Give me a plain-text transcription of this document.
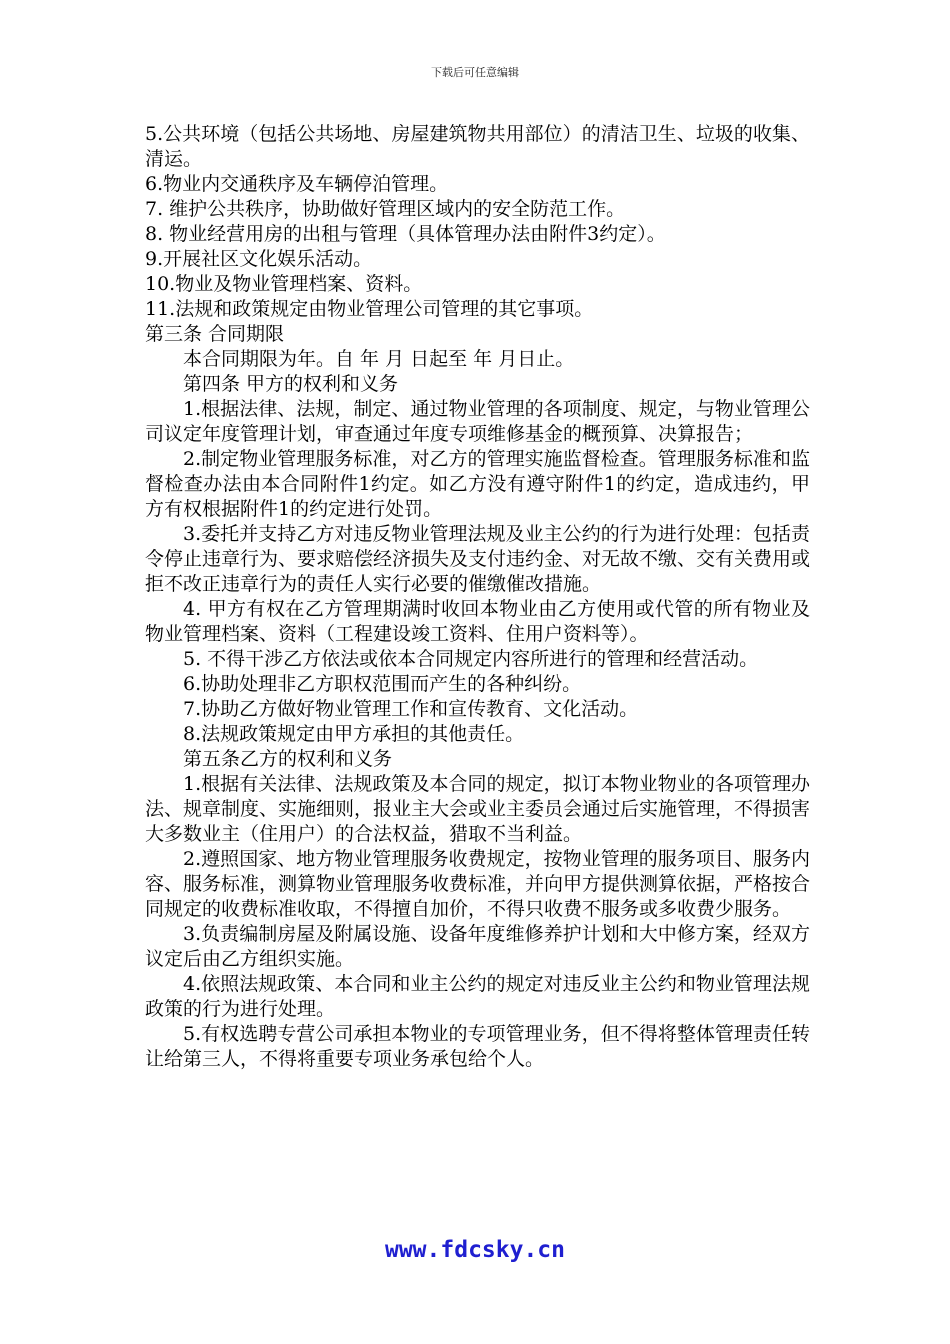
下载后可任意编辑

5.公共环境（包括公共场地、房屋建筑物共用部位）的清洁卫生、垃圾的收集、清运。

6.物业内交通秩序及车辆停泊管理。

7. 维护公共秩序，协助做好管理区域内的安全防范工作。

8. 物业经营用房的出租与管理（具体管理办法由附件3约定）。

9.开展社区文化娱乐活动。

10.物业及物业管理档案、资料。

11.法规和政策规定由物业管理公司管理的其它事项。

第三条 合同期限

本合同期限为年。自 年 月 日起至 年 月日止。

第四条 甲方的权利和义务

1.根据法律、法规，制定、通过物业管理的各项制度、规定，与物业管理公司议定年度管理计划，审查通过年度专项维修基金的概预算、决算报告；

2.制定物业管理服务标准，对乙方的管理实施监督检查。管理服务标准和监督检查办法由本合同附件1约定。如乙方没有遵守附件1的约定，造成违约，甲方有权根据附件1的约定进行处罚。

3.委托并支持乙方对违反物业管理法规及业主公约的行为进行处理：包括责令停止违章行为、要求赔偿经济损失及支付违约金、对无故不缴、交有关费用或拒不改正违章行为的责任人实行必要的催缴催改措施。

4. 甲方有权在乙方管理期满时收回本物业由乙方使用或代管的所有物业及物业管理档案、资料（工程建设竣工资料、住用户资料等）。

5. 不得干涉乙方依法或依本合同规定内容所进行的管理和经营活动。

6.协助处理非乙方职权范围而产生的各种纠纷。

7.协助乙方做好物业管理工作和宣传教育、文化活动。

8.法规政策规定由甲方承担的其他责任。

第五条乙方的权利和义务

1.根据有关法律、法规政策及本合同的规定，拟订本物业物业的各项管理办法、规章制度、实施细则，报业主大会或业主委员会通过后实施管理，不得损害大多数业主（住用户）的合法权益，猎取不当利益。

2.遵照国家、地方物业管理服务收费规定，按物业管理的服务项目、服务内容、服务标准，测算物业管理服务收费标准，并向甲方提供测算依据，严格按合同规定的收费标准收取，不得擅自加价，不得只收费不服务或多收费少服务。

3.负责编制房屋及附属设施、设备年度维修养护计划和大中修方案，经双方议定后由乙方组织实施。

4.依照法规政策、本合同和业主公约的规定对违反业主公约和物业管理法规政策的行为进行处理。

5.有权选聘专营公司承担本物业的专项管理业务，但不得将整体管理责任转让给第三人，不得将重要专项业务承包给个人。

www.fdcsky.cn
